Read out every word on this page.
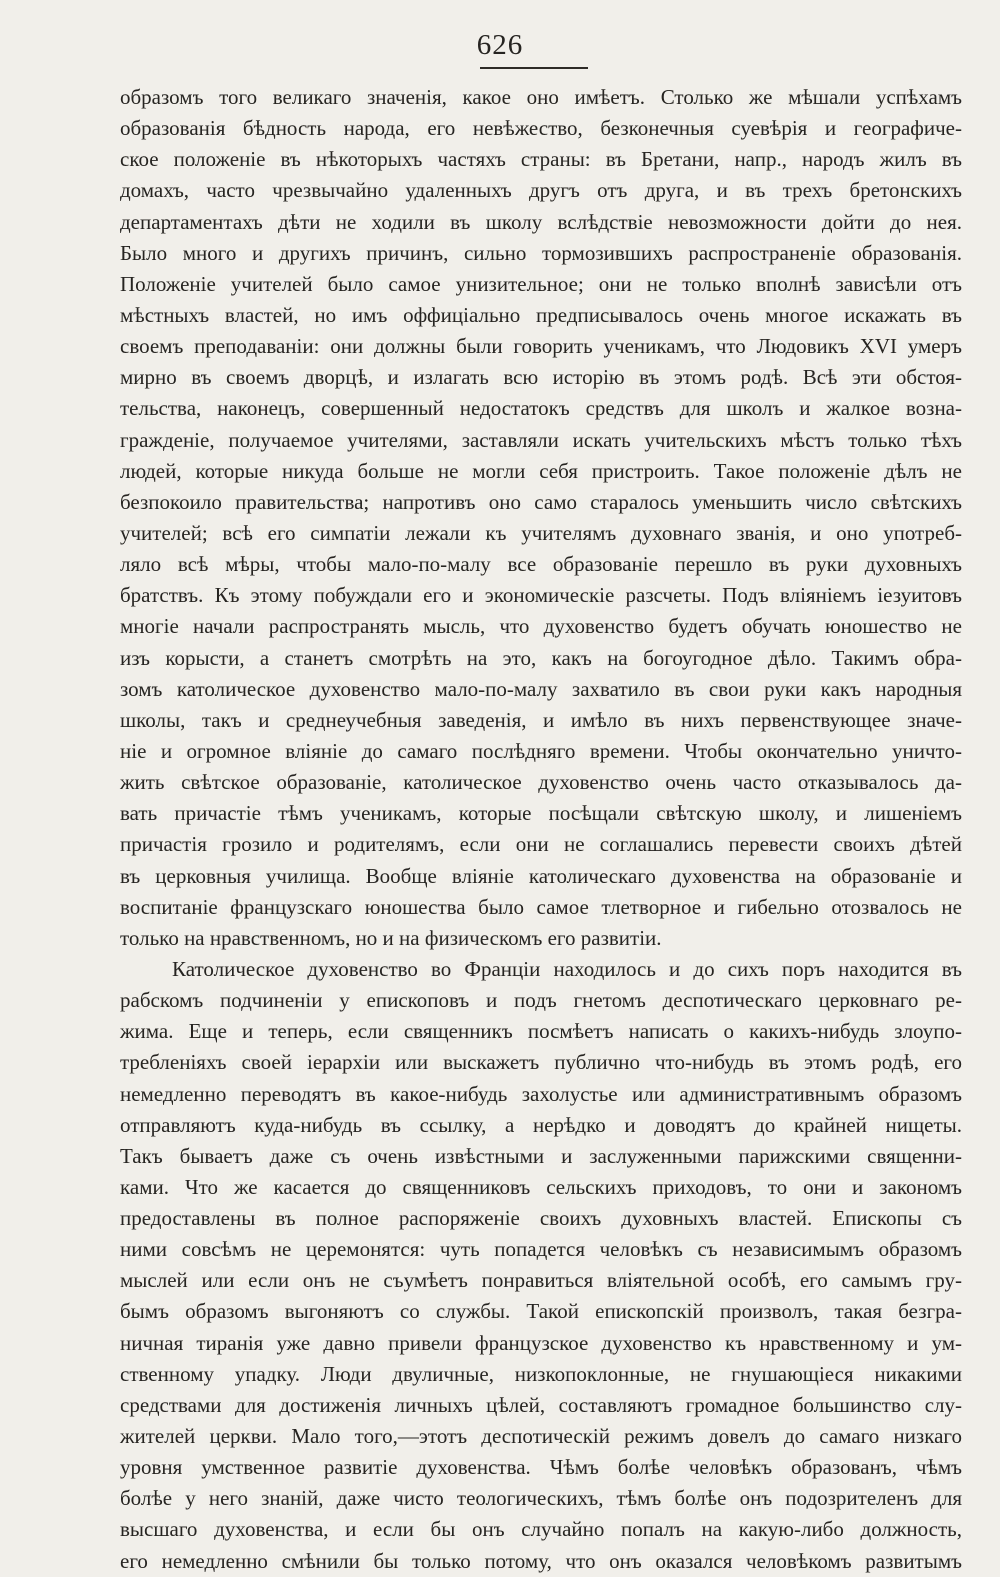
626
образомъ того великаго значенія, какое оно имѣетъ. Столько же мѣшали успѣхамъ
образованія бѣдность народа, его невѣжество, безконечныя суевѣрія и географиче-
ское положеніе въ нѣкоторыхъ частяхъ страны: въ Бретани, напр., народъ жилъ въ
домахъ, часто чрезвычайно удаленныхъ другъ отъ друга, и въ трехъ бретонскихъ
департаментахъ дѣти не ходили въ школу вслѣдствіе невозможности дойти до нея.
Было много и другихъ причинъ, сильно тормозившихъ распространеніе образованія.
Положеніе учителей было самое унизительное; они не только вполнѣ зависѣли отъ
мѣстныхъ властей, но имъ оффиціально предписывалось очень многое искажать въ
своемъ преподаваніи: они должны были говорить ученикамъ, что Людовикъ XVI умеръ
мирно въ своемъ дворцѣ, и излагать всю исторію въ этомъ родѣ. Всѣ эти обстоя-
тельства, наконецъ, совершенный недостатокъ средствъ для школъ и жалкое возна-
гражденіе, получаемое учителями, заставляли искать учительскихъ мѣстъ только тѣхъ
людей, которые никуда больше не могли себя пристроить. Такое положеніе дѣлъ не
безпокоило правительства; напротивъ оно само старалось уменьшить число свѣтскихъ
учителей; всѣ его симпатіи лежали къ учителямъ духовнаго званія, и оно употреб-
ляло всѣ мѣры, чтобы мало-по-малу все образованіе перешло въ руки духовныхъ
братствъ. Къ этому побуждали его и экономическіе разсчеты. Подъ вліяніемъ іезуитовъ
многіе начали распространять мысль, что духовенство будетъ обучать юношество не
изъ корысти, а станетъ смотрѣть на это, какъ на богоугодное дѣло. Такимъ обра-
зомъ католическое духовенство мало-по-малу захватило въ свои руки какъ народныя
школы, такъ и среднеучебныя заведенія, и имѣло въ нихъ первенствующее значе-
ніе и огромное вліяніе до самаго послѣдняго времени. Чтобы окончательно уничто-
жить свѣтское образованіе, католическое духовенство очень часто отказывалось да-
вать причастіе тѣмъ ученикамъ, которые посѣщали свѣтскую школу, и лишеніемъ
причастія грозило и родителямъ, если они не соглашались перевести своихъ дѣтей
въ церковныя училища. Вообще вліяніе католическаго духовенства на образованіе и
воспитаніе французскаго юношества было самое тлетворное и гибельно отозвалось не
только на нравственномъ, но и на физическомъ его развитіи.
Католическое духовенство во Франціи находилось и до сихъ поръ находится въ
рабскомъ подчиненіи у епископовъ и подъ гнетомъ деспотическаго церковнаго ре-
жима. Еще и теперь, если священникъ посмѣетъ написать о какихъ-нибудь злоупо-
требленіяхъ своей іерархіи или выскажетъ публично что-нибудь въ этомъ родѣ, его
немедленно переводятъ въ какое-нибудь захолустье или административнымъ образомъ
отправляютъ куда-нибудь въ ссылку, а нерѣдко и доводятъ до крайней нищеты.
Такъ бываетъ даже съ очень извѣстными и заслуженными парижскими священни-
ками. Что же касается до священниковъ сельскихъ приходовъ, то они и закономъ
предоставлены въ полное распоряженіе своихъ духовныхъ властей. Епископы съ
ними совсѣмъ не церемонятся: чуть попадется человѣкъ съ независимымъ образомъ
мыслей или если онъ не съумѣетъ понравиться вліятельной особѣ, его самымъ гру-
бымъ образомъ выгоняютъ со службы. Такой епископскій произволъ, такая безгра-
ничная тиранія уже давно привели французское духовенство къ нравственному и ум-
ственному упадку. Люди двуличные, низкопоклонные, не гнушающіеся никакими
средствами для достиженія личныхъ цѣлей, составляютъ громадное большинство слу-
жителей церкви. Мало того,—этотъ деспотическій режимъ довелъ до самаго низкаго
уровня умственное развитіе духовенства. Чѣмъ болѣе человѣкъ образованъ, чѣмъ
болѣе у него знаній, даже чисто теологическихъ, тѣмъ болѣе онъ подозрителенъ для
высшаго духовенства, и если бы онъ случайно попалъ на какую-либо должность,
его немедленно смѣнили бы только потому, что онъ оказался человѣкомъ развитымъ
